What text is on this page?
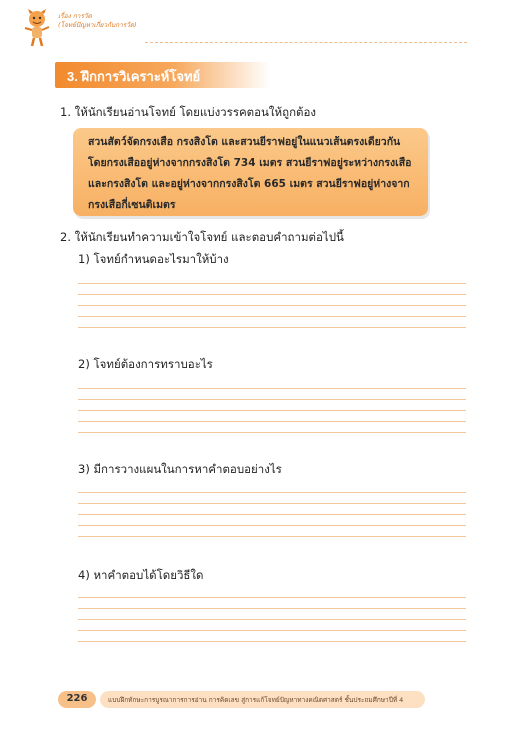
เรื่อง การวัด
(โจทย์ปัญหาเกี่ยวกับการวัด)
3. ฝึกการวิเคราะห์โจทย์
1. ให้นักเรียนอ่านโจทย์ โดยแบ่งวรรคตอนให้ถูกต้อง
สวนสัตว์จัดกรงเสือ กรงสิงโต และสวนยีราฟอยู่ในแนวเส้นตรงเดียวกัน
โดยกรงเสืออยู่ห่างจากกรงสิงโต 734 เมตร สวนยีราฟอยู่ระหว่างกรงเสือ
และกรงสิงโต และอยู่ห่างจากกรงสิงโต 665 เมตร สวนยีราฟอยู่ห่างจาก
กรงเสือกี่เซนติเมตร
2. ให้นักเรียนทำความเข้าใจโจทย์ และตอบคำถามต่อไปนี้
1) โจทย์กำหนดอะไรมาให้บ้าง
2) โจทย์ต้องการทราบอะไร
3) มีการวางแผนในการหาคำตอบอย่างไร
4) หาคำตอบได้โดยวิธีใด
226	แบบฝึกทักษะการบูรณาการการอ่าน การคิดเลข สู่การแก้โจทย์ปัญหาทางคณิตศาสตร์ ชั้นประถมศึกษาปีที่ 4
